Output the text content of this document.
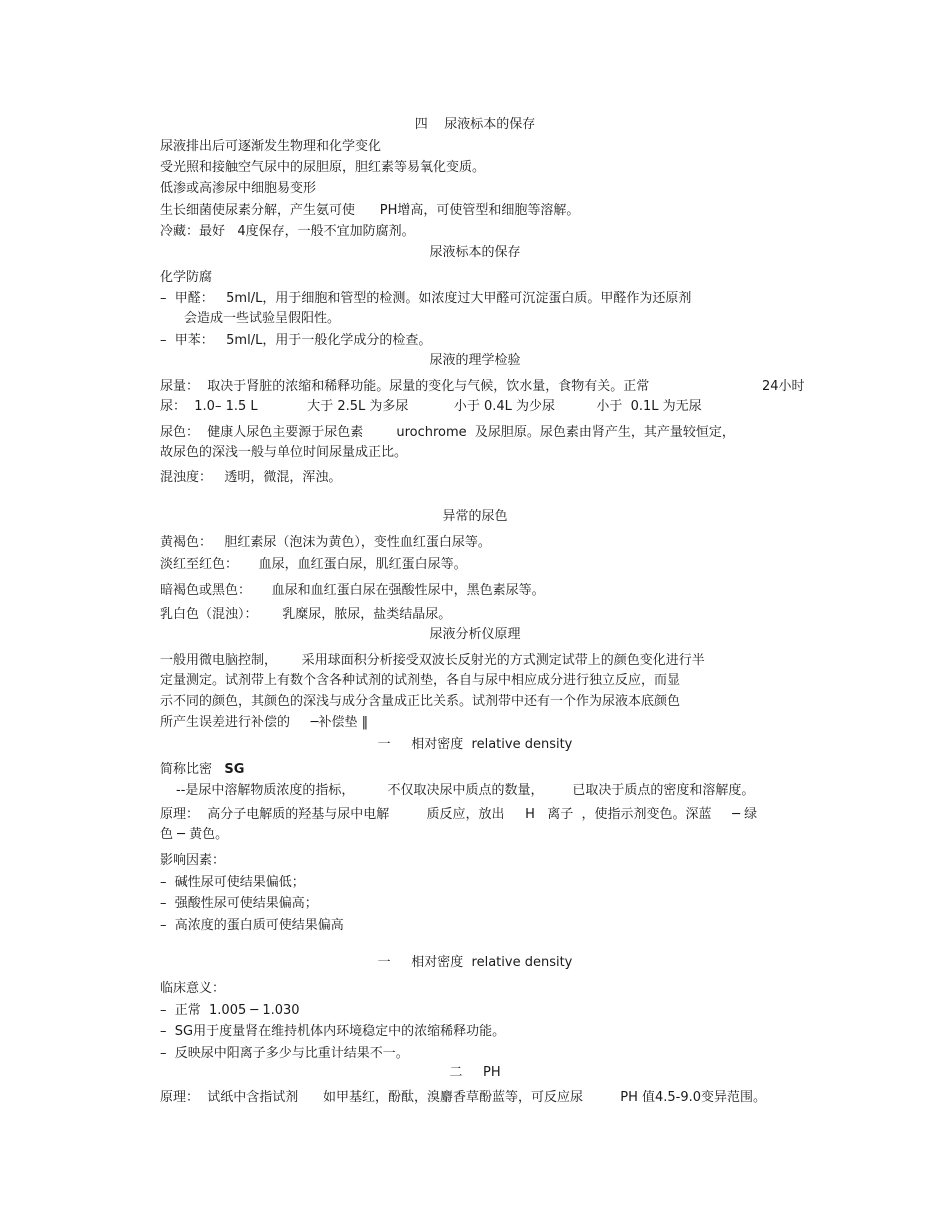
四    尿液标本的保存
尿液排出后可逐渐发生物理和化学变化
受光照和接触空气尿中的尿胆原，胆红素等易氧化变质。
低渗或高渗尿中细胞易变形
生长细菌使尿素分解，产生氨可使      PH增高，可使管型和细胞等溶解。
冷藏：最好   4度保存，一般不宜加防腐剂。
尿液标本的保存
化学防腐
–  甲醛：   5ml/L，用于细胞和管型的检测。如浓度过大甲醛可沉淀蛋白质。甲醛作为还原剂
会造成一些试验呈假阳性。
–  甲苯：   5ml/L，用于一般化学成分的检查。
尿液的理学检验
尿量：  取决于肾脏的浓缩和稀释功能。尿量的变化与气候，饮水量，食物有关。正常	24小时
尿：  1.0– 1.5 L            大于 2.5L 为多尿           小于 0.4L 为少尿          小于  0.1L 为无尿
尿色：  健康人尿色主要源于尿色素        urochrome  及尿胆原。尿色素由肾产生，其产量较恒定，
故尿色的深浅一般与单位时间尿量成正比。
混浊度：   透明，微混，浑浊。
异常的尿色
黄褐色：   胆红素尿（泡沫为黄色），变性血红蛋白尿等。
淡红至红色：     血尿，血红蛋白尿，肌红蛋白尿等。
暗褐色或黑色：     血尿和血红蛋白尿在强酸性尿中，黑色素尿等。
乳白色（混浊）：      乳糜尿，脓尿，盐类结晶尿。
尿液分析仪原理
一般用微电脑控制，      采用球面积分析接受双波长反射光的方式测定试带上的颜色变化进行半
定量测定。试剂带上有数个含各种试剂的试剂垫，各自与尿中相应成分进行独立反应，而显
示不同的颜色，其颜色的深浅与成分含量成正比关系。试剂带中还有一个作为尿液本底颜色
所产生误差进行补偿的     ─补偿垫 ‖
一     相对密度  relative density
简称比密   SG
--是尿中溶解物质浓度的指标，        不仅取决尿中质点的数量，       已取决于质点的密度和溶解度。
原理：  高分子电解质的羟基与尿中电解         质反应，放出     H   离子  ，使指示剂变色。深蓝     ─ 绿
色 ─ 黄色。
影响因素：
–  碱性尿可使结果偏低；
–  强酸性尿可使结果偏高；
–  高浓度的蛋白质可使结果偏高
一     相对密度  relative density
临床意义：
–  正常  1.005 ─ 1.030
–  SG用于度量肾在维持机体内环境稳定中的浓缩稀释功能。
–  反映尿中阳离子多少与比重计结果不一。
二     PH
原理：  试纸中含指试剂      如甲基红，酚酞，溴麝香草酚蓝等，可反应尿         PH 值4.5-9.0变异范围。
